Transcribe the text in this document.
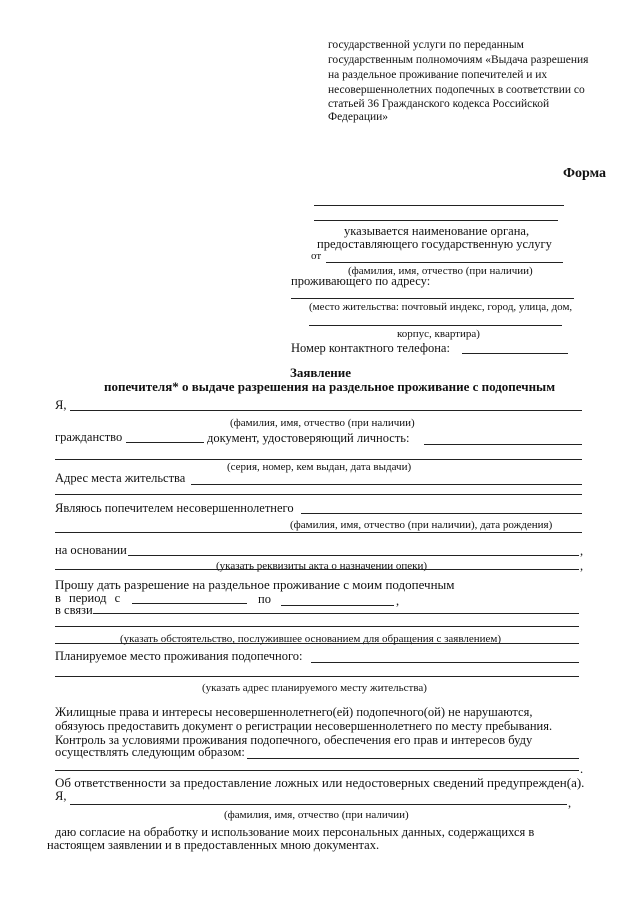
государственной услуги по переданным
государственным полномочиям «Выдача разрешения
на раздельное проживание попечителей и их
несовершеннолетних подопечных в соответствии со
статьей 36 Гражданского кодекса Российской
Федерации»
Форма
указывается наименование органа,
предоставляющего государственную услугу
от
(фамилия, имя, отчество (при наличии)
проживающего по адресу:
(место жительства: почтовый индекс, город, улица, дом,
корпус, квартира)
Номер контактного телефона:
Заявление
попечителя* о выдаче разрешения на раздельное проживание с подопечным
Я,
(фамилия, имя, отчество (при наличии)
гражданство	документ, удостоверяющий личность:
(серия, номер, кем выдан, дата выдачи)
Адрес места жительства
Являюсь попечителем несовершеннолетнего
(фамилия, имя, отчество (при наличии), дата рождения)
на основании	,
(указать реквизиты акта о назначении опеки)	,
Прошу дать разрешение на раздельное проживание с моим подопечным
в период с	по	,
в связи
(указать обстоятельство, послужившее основанием для обращения с заявлением)
Планируемое место проживания подопечного:
(указать адрес планируемого месту жительства)
Жилищные права и интересы несовершеннолетнего(ей) подопечного(ой) не нарушаются,
обязуюсь предоставить документ о регистрации несовершеннолетнего по месту пребывания.
Контроль за условиями проживания подопечного, обеспечения его прав и интересов буду
осуществлять следующим образом:
.
Об ответственности за предоставление ложных или недостоверных сведений предупрежден(а).
Я,	,
(фамилия, имя, отчество (при наличии)
даю согласие на обработку и использование моих персональных данных, содержащихся в
настоящем заявлении и в предоставленных мною документах.
